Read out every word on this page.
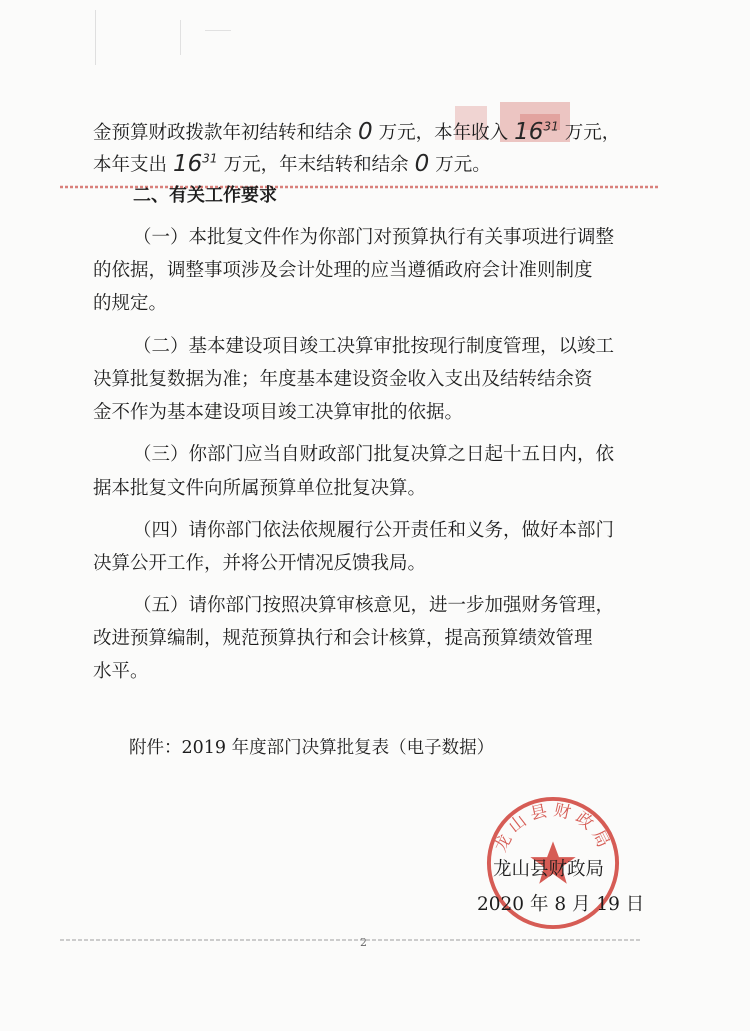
金预算财政拨款年初结转和结余 0 万元，本年收入 $16^{31}$ 万元，
本年支出 $16^{31}$ 万元，年末结转和结余 0 万元。
二、有关工作要求
（一）本批复文件作为你部门对预算执行有关事项进行调整
的依据，调整事项涉及会计处理的应当遵循政府会计准则制度
的规定。
（二）基本建设项目竣工决算审批按现行制度管理，以竣工
决算批复数据为准；年度基本建设资金收入支出及结转结余资
金不作为基本建设项目竣工决算审批的依据。
（三）你部门应当自财政部门批复决算之日起十五日内，依
据本批复文件向所属预算单位批复决算。
（四）请你部门依法依规履行公开责任和义务，做好本部门
决算公开工作，并将公开情况反馈我局。
（五）请你部门按照决算审核意见，进一步加强财务管理，
改进预算编制，规范预算执行和会计核算，提高预算绩效管理
水平。
附件：2019 年度部门决算批复表（电子数据）
龙山县财政局
龙山县财政局
2020 年 8 月 19 日
2
